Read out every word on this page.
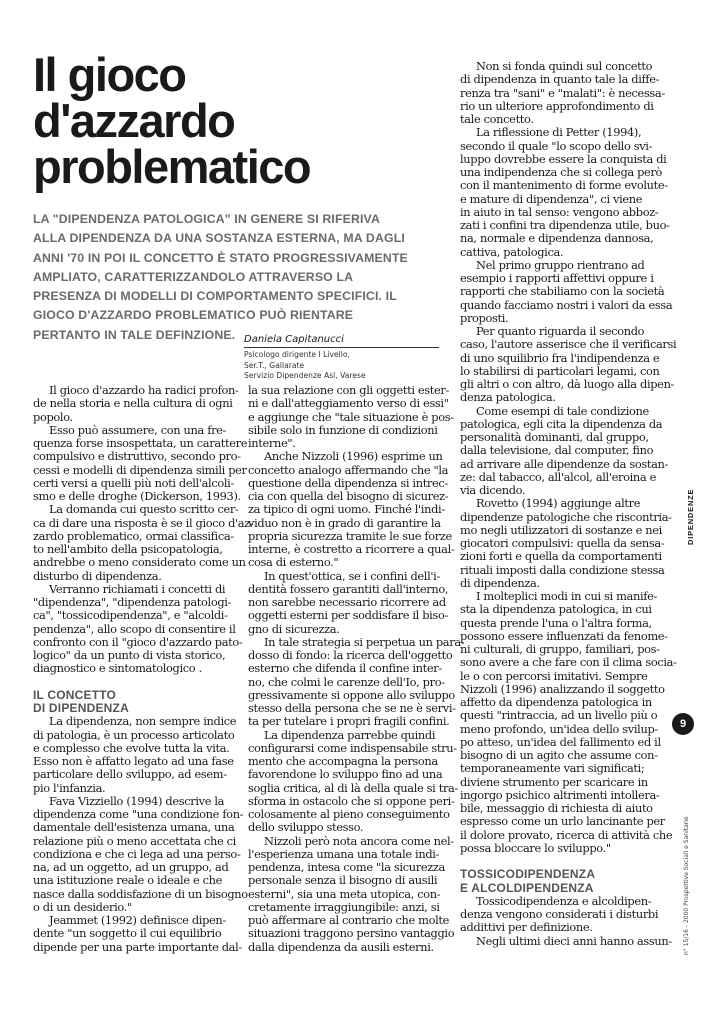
Il gioco
d'azzardo
problematico
LA "DIPENDENZA PATOLOGICA" IN GENERE SI RIFERIVA
ALLA DIPENDENZA DA UNA SOSTANZA ESTERNA, MA DAGLI
ANNI '70 IN POI IL CONCETTO È STATO PROGRESSIVAMENTE
AMPLIATO, CARATTERIZZANDOLO ATTRAVERSO LA
PRESENZA DI MODELLI DI COMPORTAMENTO SPECIFICI. IL
GIOCO D'AZZARDO PROBLEMATICO PUÒ RIENTARE
PERTANTO IN TALE DEFINZIONE. Daniela Capitanucci
Psicologo dirigente I Livello,
Ser.T., Gallarate
Servizio Dipendenze Asl, Varese
Il gioco d'azzardo ha radici profon-
de nella storia e nella cultura di ogni
popolo.
Esso può assumere, con una fre-
quenza forse insospettata, un carattere
compulsivo e distruttivo, secondo pro-
cessi e modelli di dipendenza simili per
certi versi a quelli più noti dell'alcoli-
smo e delle droghe (Dickerson, 1993).
La domanda cui questo scritto cer-
ca di dare una risposta è se il gioco d'az-
zardo problematico, ormai classifica-
to nell'ambito della psicopatologia,
andrebbe o meno considerato come un
disturbo di dipendenza.
Verranno richiamati i concetti di
"dipendenza", "dipendenza patologi-
ca", "tossicodipendenza", e "alcoldi-
pendenza", allo scopo di consentire il
confronto con il "gioco d'azzardo pato-
logico" da un punto di vista storico,
diagnostico e sintomatologico .
IL CONCETTO
DI DIPENDENZA
La dipendenza, non sempre indice
di patologia, è un processo articolato
e complesso che evolve tutta la vita.
Esso non è affatto legato ad una fase
particolare dello sviluppo, ad esem-
pio l'infanzia.
Fava Vizziello (1994) descrive la
dipendenza come "una condizione fon-
damentale dell'esistenza umana, una
relazione più o meno accettata che ci
condiziona e che ci lega ad una perso-
na, ad un oggetto, ad un gruppo, ad
una istituzione reale o ideale e che
nasce dalla soddisfazione di un bisogno
o di un desiderio."
Jeammet (1992) definisce dipen-
dente "un soggetto il cui equilibrio
dipende per una parte importante dal-
la sua relazione con gli oggetti ester-
ni e dall'atteggiamento verso di essi"
e aggiunge che "tale situazione è pos-
sibile solo in funzione di condizioni
interne".
Anche Nizzoli (1996) esprime un
concetto analogo affermando che "la
questione della dipendenza si intrec-
cia con quella del bisogno di sicurez-
za tipico di ogni uomo. Finché l'indi-
viduo non è in grado di garantire la
propria sicurezza tramite le sue forze
interne, è costretto a ricorrere a qual-
cosa di esterno."
In quest'ottica, se i confini dell'i-
dentità fossero garantiti dall'interno,
non sarebbe necessario ricorrere ad
oggetti esterni per soddisfare il biso-
gno di sicurezza.
In tale strategia si perpetua un para-
dosso di fondo: la ricerca dell'oggetto
esterno che difenda il confine inter-
no, che colmi le carenze dell'Io, pro-
gressivamente si oppone allo sviluppo
stesso della persona che se ne è servi-
ta per tutelare i propri fragili confini.
La dipendenza parrebbe quindi
configurarsi come indispensabile stru-
mento che accompagna la persona
favorendone lo sviluppo fino ad una
soglia critica, al di là della quale si tra-
sforma in ostacolo che si oppone peri-
colosamente al pieno conseguimento
dello sviluppo stesso.
Nizzoli però nota ancora come nel-
l'esperienza umana una totale indi-
pendenza, intesa come "la sicurezza
personale senza il bisogno di ausili
esterni", sia una meta utopica, con-
cretamente irraggiungibile: anzi, si
può affermare al contrario che molte
situazioni traggono persino vantaggio
dalla dipendenza da ausili esterni.
Non si fonda quindi sul concetto
di dipendenza in quanto tale la diffe-
renza tra "sani" e "malati": è necessa-
rio un ulteriore approfondimento di
tale concetto.
La riflessione di Petter (1994),
secondo il quale "lo scopo dello svi-
luppo dovrebbe essere la conquista di
una indipendenza che si collega però
con il mantenimento di forme evolute-
e mature di dipendenza", ci viene
in aiuto in tal senso: vengono abboz-
zati i confini tra dipendenza utile, buo-
na, normale e dipendenza dannosa,
cattiva, patologica.
Nel primo gruppo rientrano ad
esempio i rapporti affettivi oppure i
rapporti che stabiliamo con la società
quando facciamo nostri i valori da essa
proposti.
Per quanto riguarda il secondo
caso, l'autore asserisce che il verificarsi
di uno squilibrio fra l'indipendenza e
lo stabilirsi di particolari legami, con
gli altri o con altro, dà luogo alla dipen-
denza patologica.
Come esempi di tale condizione
patologica, egli cita la dipendenza da
personalità dominanti, dal gruppo,
dalla televisione, dal computer, fino
ad arrivare alle dipendenze da sostan-
ze: dal tabacco, all'alcol, all'eroina e
via dicendo.
Rovetto (1994) aggiunge altre
dipendenze patologiche che riscontria-
mo negli utilizzatori di sostanze e nei
giocatori compulsivi: quella da sensa-
zioni forti e quella da comportamenti
rituali imposti dalla condizione stessa
di dipendenza.
I molteplici modi in cui si manife-
sta la dipendenza patologica, in cui
questa prende l'una o l'altra forma,
possono essere influenzati da fenome-
ni culturali, di gruppo, familiari, pos-
sono avere a che fare con il clima socia-
le o con percorsi imitativi. Sempre
Nizzoli (1996) analizzando il soggetto
affetto da dipendenza patologica in
questi "rintraccia, ad un livello più o
meno profondo, un'idea dello svilup-
po atteso, un'idea del fallimento ed il
bisogno di un agito che assume con-
temporaneamente vari significati;
diviene strumento per scaricare in
ingorgo psichico altrimenti intollera-
bile, messaggio di richiesta di aiuto
espresso come un urlo lancinante per
il dolore provato, ricerca di attività che
possa bloccare lo sviluppo."
TOSSICODIPENDENZA
E ALCOLDIPENDENZA
Tossicodipendenza e alcoldipen-
denza vengono considerati i disturbi
addittivi per definizione.
Negli ultimi dieci anni hanno assun-
DIPENDENZE
9
n° 15/16 - 2000 Prospettive Sociali e Sanitarie
